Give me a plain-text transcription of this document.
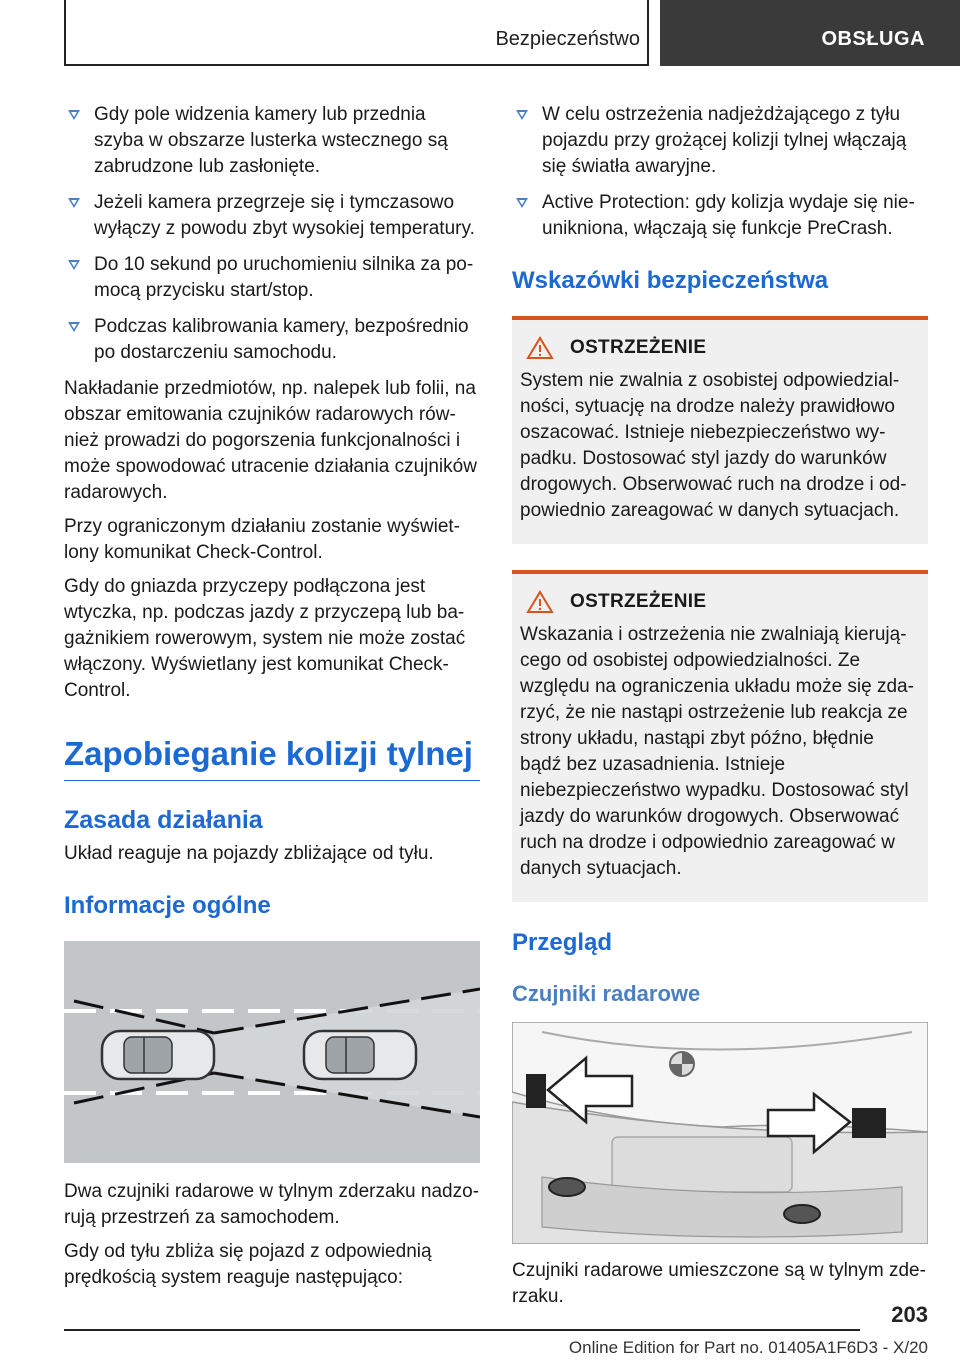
Bezpieczeństwo	OBSŁUGA
Gdy pole widzenia kamery lub przednia szyba w obszarze lusterka wstecznego są zabrudzone lub zasłonięte.
Jeżeli kamera przegrzeje się i tymczasowo wyłączy z powodu zbyt wysokiej temperatury.
Do 10 sekund po uruchomieniu silnika za pomocą przycisku start/stop.
Podczas kalibrowania kamery, bezpośrednio po dostarczeniu samochodu.

Nakładanie przedmiotów, np. nalepek lub folii, na obszar emitowania czujników radarowych również prowadzi do pogorszenia funkcjonalności i może spowodować utracenie działania czujników radarowych.

Przy ograniczonym działaniu zostanie wyświetlony komunikat Check-Control.

Gdy do gniazda przyczepy podłączona jest wtyczka, np. podczas jazdy z przyczepą lub bagażnikiem rowerowym, system nie może zostać włączony. Wyświetlany jest komunikat Check-Control.

Zapobieganie kolizji tylnej
Zasada działania

Układ reaguje na pojazdy zbliżające od tyłu.

Informacje ogólne

Dwa czujniki radarowe w tylnym zderzaku nadzorują przestrzeń za samochodem.

Gdy od tyłu zbliża się pojazd z odpowiednią prędkością system reaguje następująco:

W celu ostrzeżenia nadjeżdżającego z tyłu pojazdu przy grożącej kolizji tylnej włączają się światła awaryjne.
Active Protection: gdy kolizja wydaje się nieunikniona, włączają się funkcje PreCrash.
Wskazówki bezpieczeństwa
OSTRZEŻENIE

System nie zwalnia z osobistej odpowiedzialności, sytuację na drodze należy prawidłowo oszacować. Istnieje niebezpieczeństwo wypadku. Dostosować styl jazdy do warunków drogowych. Obserwować ruch na drodze i odpowiednio zareagować w danych sytuacjach.

OSTRZEŻENIE

Wskazania i ostrzeżenia nie zwalniają kierującego od osobistej odpowiedzialności. Ze względu na ograniczenia układu może się zdarzyć, że nie nastąpi ostrzeżenie lub reakcja ze strony układu, nastąpi zbyt późno, błędnie bądź bez uzasadnienia. Istnieje niebezpieczeństwo wypadku. Dostosować styl jazdy do warunków drogowych. Obserwować ruch na drodze i odpowiednio zareagować w danych sytuacjach.

Przegląd
Czujniki radarowe

Czujniki radarowe umieszczone są w tylnym zderzaku.

203
Online Edition for Part no. 01405A1F6D3 - X/20
